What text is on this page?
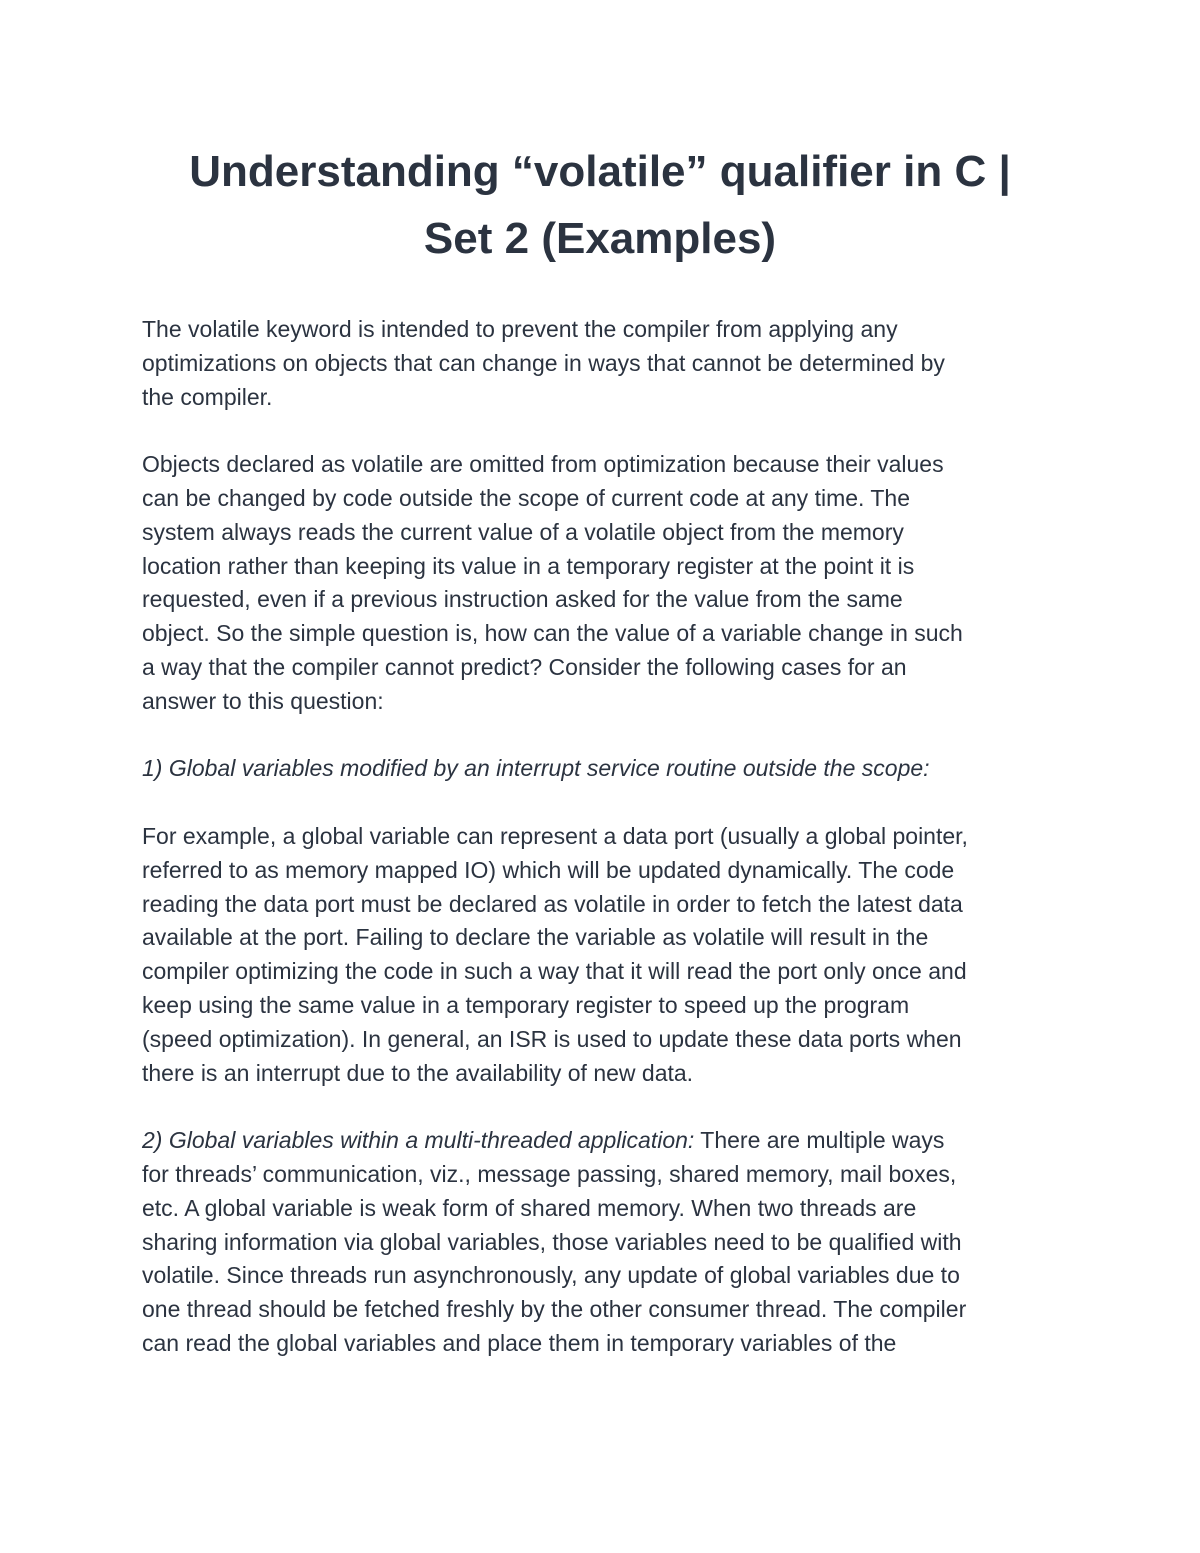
Understanding “volatile” qualifier in C |
Set 2 (Examples)

The volatile keyword is intended to prevent the compiler from applying any
optimizations on objects that can change in ways that cannot be determined by
the compiler.

Objects declared as volatile are omitted from optimization because their values
can be changed by code outside the scope of current code at any time. The
system always reads the current value of a volatile object from the memory
location rather than keeping its value in a temporary register at the point it is
requested, even if a previous instruction asked for the value from the same
object. So the simple question is, how can the value of a variable change in such
a way that the compiler cannot predict? Consider the following cases for an
answer to this question:

1) Global variables modified by an interrupt service routine outside the scope:

For example, a global variable can represent a data port (usually a global pointer,
referred to as memory mapped IO) which will be updated dynamically. The code
reading the data port must be declared as volatile in order to fetch the latest data
available at the port. Failing to declare the variable as volatile will result in the
compiler optimizing the code in such a way that it will read the port only once and
keep using the same value in a temporary register to speed up the program
(speed optimization). In general, an ISR is used to update these data ports when
there is an interrupt due to the availability of new data.

2) Global variables within a multi-threaded application: There are multiple ways
for threads’ communication, viz., message passing, shared memory, mail boxes,
etc. A global variable is weak form of shared memory. When two threads are
sharing information via global variables, those variables need to be qualified with
volatile. Since threads run asynchronously, any update of global variables due to
one thread should be fetched freshly by the other consumer thread. The compiler
can read the global variables and place them in temporary variables of the
